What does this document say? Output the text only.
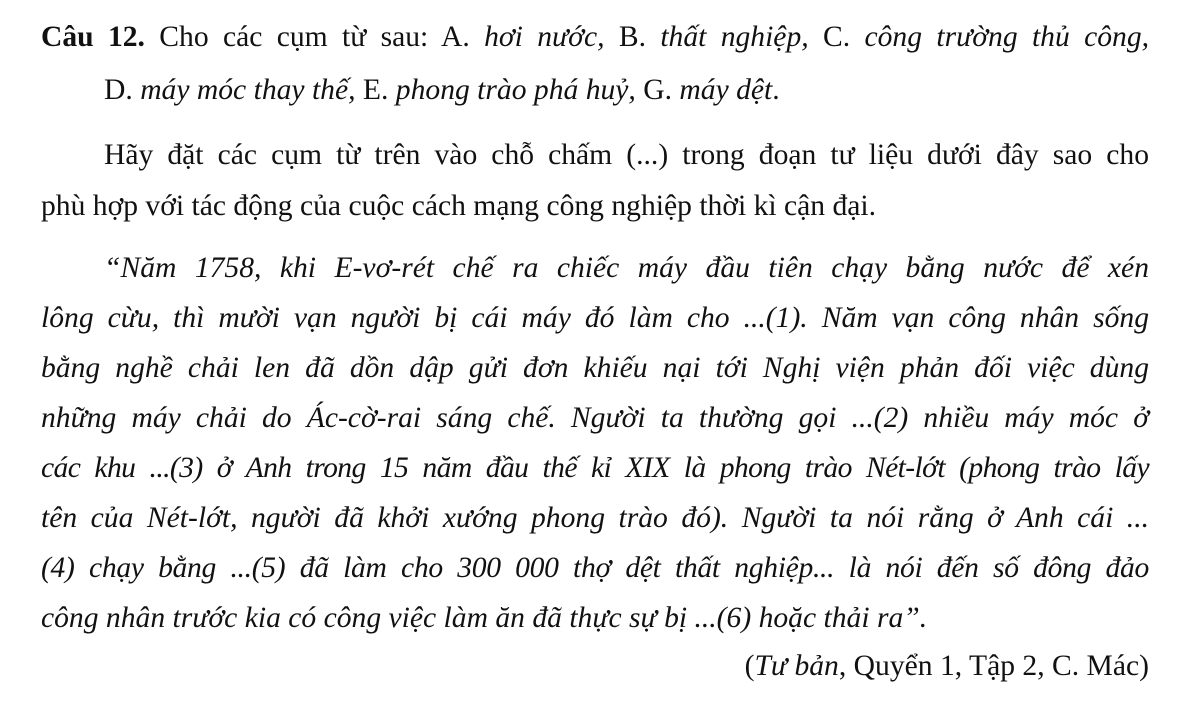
Câu 12. Cho các cụm từ sau: A. hơi nước, B. thất nghiệp, C. công trường thủ công,
D. máy móc thay thế, E. phong trào phá huỷ, G. máy dệt.
Hãy đặt các cụm từ trên vào chỗ chấm (...) trong đoạn tư liệu dưới đây sao cho
phù hợp với tác động của cuộc cách mạng công nghiệp thời kì cận đại.
“Năm 1758, khi E-vơ-rét chế ra chiếc máy đầu tiên chạy bằng nước để xén
lông cừu, thì mười vạn người bị cái máy đó làm cho ...(1). Năm vạn công nhân sống
bằng nghề chải len đã dồn dập gửi đơn khiếu nại tới Nghị viện phản đối việc dùng
những máy chải do Ác-cờ-rai sáng chế. Người ta thường gọi ...(2) nhiều máy móc ở
các khu ...(3) ở Anh trong 15 năm đầu thế kỉ XIX là phong trào Nét-lớt (phong trào lấy
tên của Nét-lớt, người đã khởi xướng phong trào đó). Người ta nói rằng ở Anh cái ...
(4) chạy bằng ...(5) đã làm cho 300 000 thợ dệt thất nghiệp... là nói đến số đông đảo
công nhân trước kia có công việc làm ăn đã thực sự bị ...(6) hoặc thải ra”.
(Tư bản, Quyển 1, Tập 2, C. Mác)
